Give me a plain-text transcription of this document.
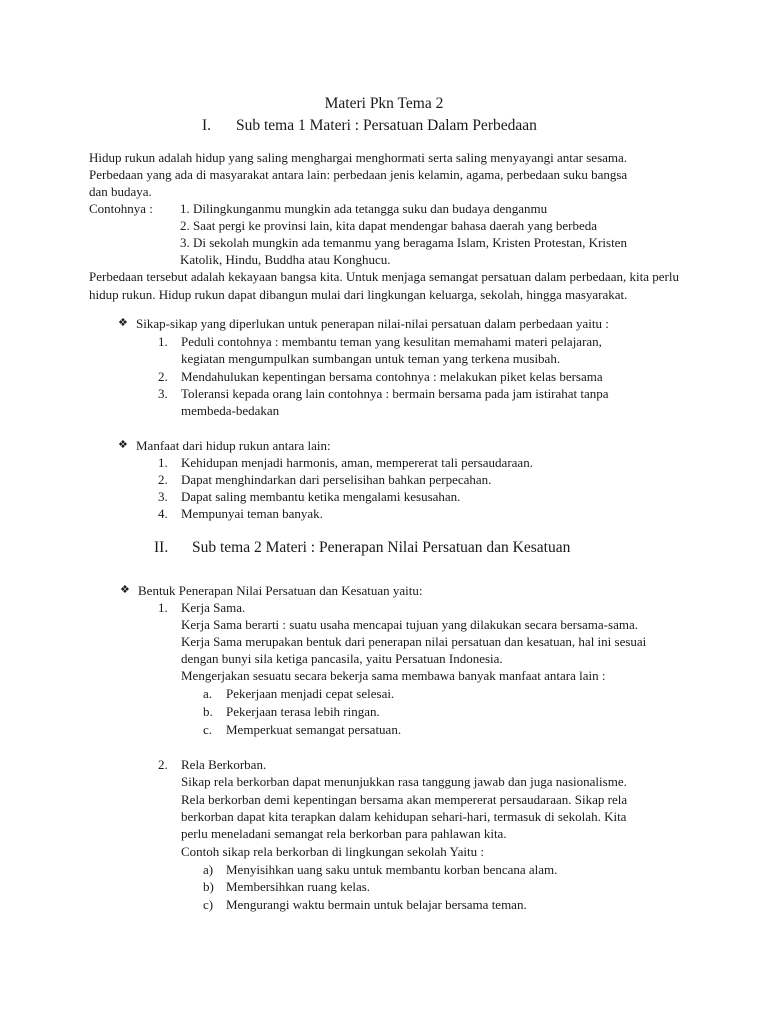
Materi Pkn Tema 2
I. Sub tema 1 Materi : Persatuan Dalam Perbedaan
Hidup rukun adalah hidup yang saling menghargai menghormati serta saling menyayangi antar sesama.
Perbedaan yang ada di masyarakat antara lain: perbedaan jenis kelamin, agama, perbedaan suku bangsa
dan budaya.
Contohnya : 1. Dilingkunganmu mungkin ada tetangga suku dan budaya denganmu
2. Saat pergi ke provinsi lain, kita dapat mendengar bahasa daerah yang berbeda
3. Di sekolah mungkin ada temanmu yang beragama Islam, Kristen Protestan, Kristen
Katolik, Hindu, Buddha atau Konghucu.
Perbedaan tersebut adalah kekayaan bangsa kita. Untuk menjaga semangat persatuan dalam perbedaan, kita perlu hidup rukun. Hidup rukun dapat dibangun mulai dari lingkungan keluarga, sekolah, hingga masyarakat.
❖ Sikap-sikap yang diperlukan untuk penerapan nilai-nilai persatuan dalam perbedaan yaitu :
1.	Peduli contohnya : membantu teman yang kesulitan memahami materi pelajaran,
kegiatan mengumpulkan sumbangan untuk teman yang terkena musibah.
2.	Mendahulukan kepentingan bersama contohnya : melakukan piket kelas bersama
3.	Toleransi kepada orang lain contohnya : bermain bersama pada jam istirahat tanpa
membeda-bedakan
❖ Manfaat dari hidup rukun antara lain:
1.	Kehidupan menjadi harmonis, aman, mempererat tali persaudaraan.
2.	Dapat menghindarkan dari perselisihan bahkan perpecahan.
3.	Dapat saling membantu ketika mengalami kesusahan.
4.	Mempunyai teman banyak.
II. Sub tema 2 Materi : Penerapan Nilai Persatuan dan Kesatuan
❖ Bentuk Penerapan Nilai Persatuan dan Kesatuan yaitu:
1.	Kerja Sama.
Kerja Sama berarti : suatu usaha mencapai tujuan yang dilakukan secara bersama-sama.
Kerja Sama merupakan bentuk dari penerapan nilai persatuan dan kesatuan, hal ini sesuai
dengan bunyi sila ketiga pancasila, yaitu Persatuan Indonesia.
Mengerjakan sesuatu secara bekerja sama membawa banyak manfaat antara lain :
a.	Pekerjaan menjadi cepat selesai.
b.	Pekerjaan terasa lebih ringan.
c.	Memperkuat semangat persatuan.
2.	Rela Berkorban.
Sikap rela berkorban dapat menunjukkan rasa tanggung jawab dan juga nasionalisme.
Rela berkorban demi kepentingan bersama akan mempererat persaudaraan. Sikap rela
berkorban dapat kita terapkan dalam kehidupan sehari-hari, termasuk di sekolah. Kita
perlu meneladani semangat rela berkorban para pahlawan kita.
Contoh sikap rela berkorban di lingkungan sekolah Yaitu :
a) Menyisihkan uang saku untuk membantu korban bencana alam.
b) Membersihkan ruang kelas.
c) Mengurangi waktu bermain untuk belajar bersama teman.
